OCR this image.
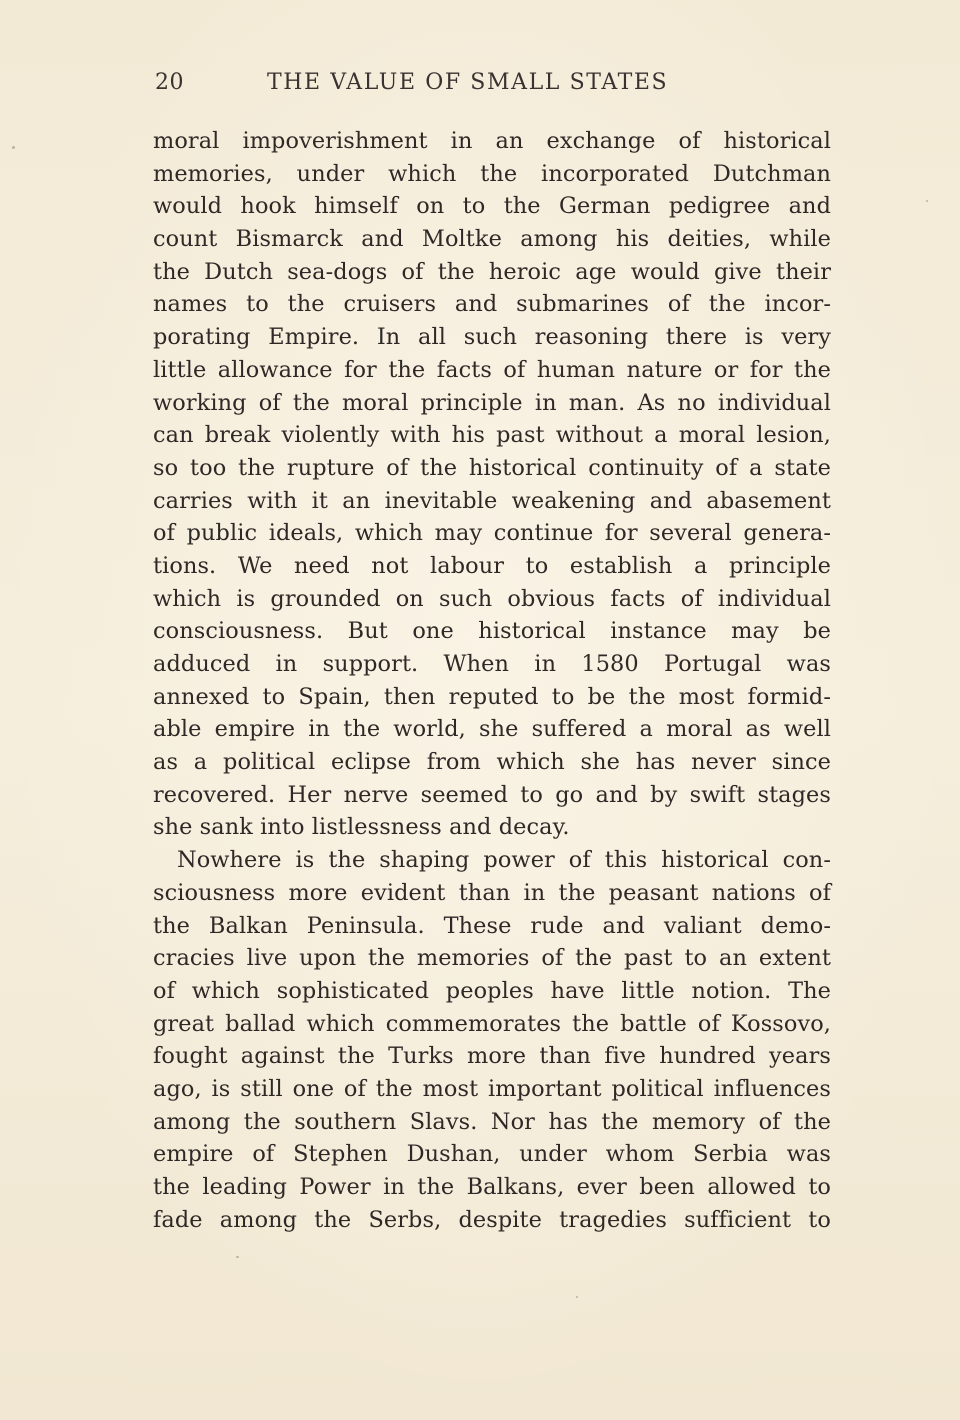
20	THE VALUE OF SMALL STATES
moral impoverishment in an exchange of historical
memories, under which the incorporated Dutchman
would hook himself on to the German pedigree and
count Bismarck and Moltke among his deities, while
the Dutch sea-dogs of the heroic age would give their
names to the cruisers and submarines of the incor-
porating Empire. In all such reasoning there is very
little allowance for the facts of human nature or for the
working of the moral principle in man. As no individual
can break violently with his past without a moral lesion,
so too the rupture of the historical continuity of a state
carries with it an inevitable weakening and abasement
of public ideals, which may continue for several genera-
tions. We need not labour to establish a principle
which is grounded on such obvious facts of individual
consciousness. But one historical instance may be
adduced in support. When in 1580 Portugal was
annexed to Spain, then reputed to be the most formid-
able empire in the world, she suffered a moral as well
as a political eclipse from which she has never since
recovered. Her nerve seemed to go and by swift stages
she sank into listlessness and decay.
Nowhere is the shaping power of this historical con-
sciousness more evident than in the peasant nations of
the Balkan Peninsula. These rude and valiant demo-
cracies live upon the memories of the past to an extent
of which sophisticated peoples have little notion. The
great ballad which commemorates the battle of Kossovo,
fought against the Turks more than five hundred years
ago, is still one of the most important political influences
among the southern Slavs. Nor has the memory of the
empire of Stephen Dushan, under whom Serbia was
the leading Power in the Balkans, ever been allowed to
fade among the Serbs, despite tragedies sufficient to
